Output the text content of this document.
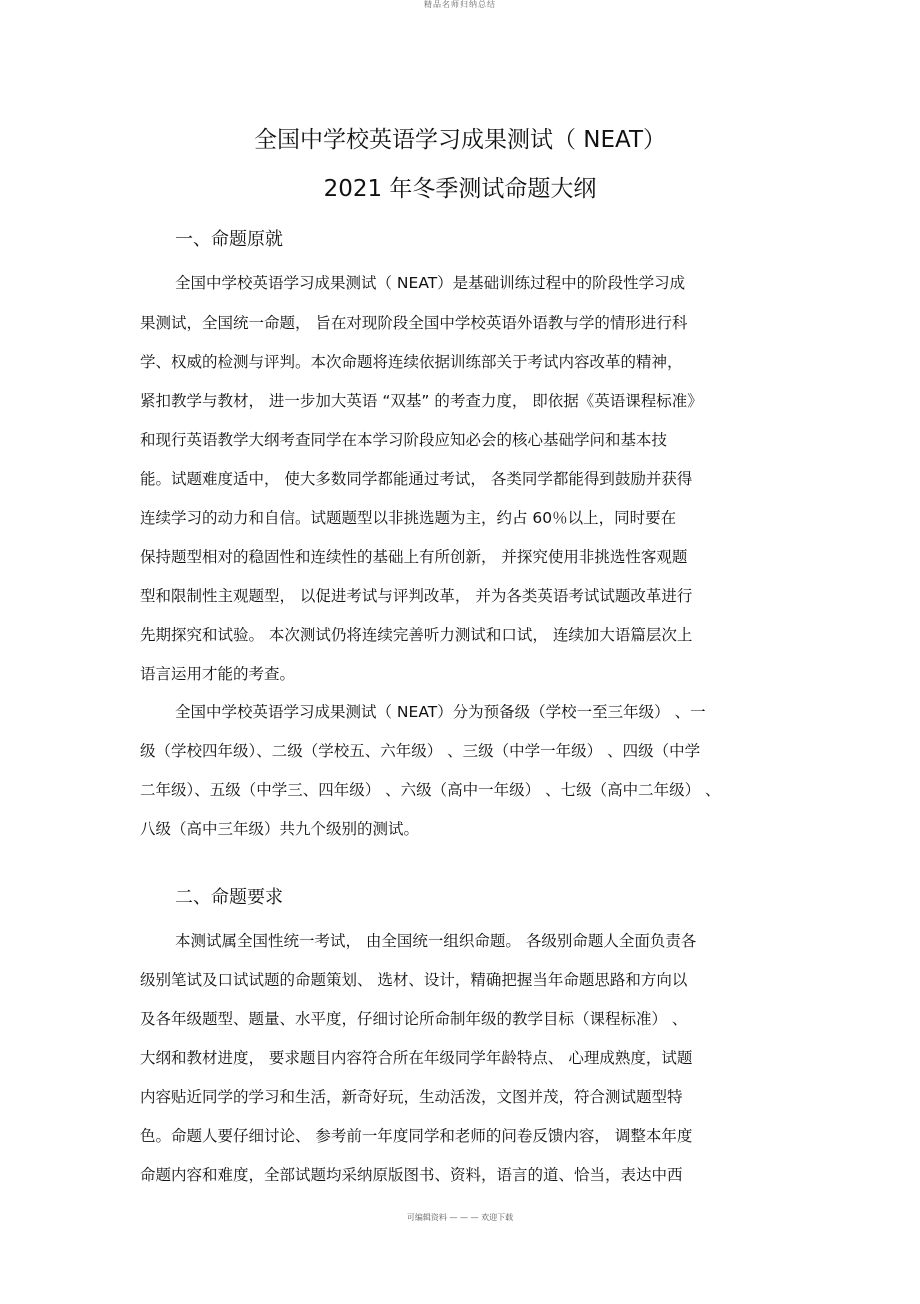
精品名师归纳总结
全国中学校英语学习成果测试（ NEAT）
2021 年冬季测试命题大纲
一、命题原就
全国中学校英语学习成果测试（ NEAT）是基础训练过程中的阶段性学习成
果测试，全国统一命题， 旨在对现阶段全国中学校英语外语教与学的情形进行科
学、权威的检测与评判。本次命题将连续依据训练部关于考试内容改革的精神，
紧扣教学与教材， 进一步加大英语 “双基” 的考查力度， 即依据《英语课程标准》
和现行英语教学大纲考查同学在本学习阶段应知必会的核心基础学问和基本技
能。试题难度适中， 使大多数同学都能通过考试， 各类同学都能得到鼓励并获得
连续学习的动力和自信。试题题型以非挑选题为主，约占 60％以上，同时要在
保持题型相对的稳固性和连续性的基础上有所创新， 并探究使用非挑选性客观题
型和限制性主观题型， 以促进考试与评判改革， 并为各类英语考试试题改革进行
先期探究和试验。 本次测试仍将连续完善听力测试和口试， 连续加大语篇层次上
语言运用才能的考查。
全国中学校英语学习成果测试（ NEAT）分为预备级（学校一至三年级） 、一
级（学校四年级）、二级（学校五、六年级） 、三级（中学一年级） 、四级（中学
二年级）、五级（中学三、四年级） 、六级（高中一年级） 、七级（高中二年级） 、
八级（高中三年级）共九个级别的测试。
二、命题要求
本测试属全国性统一考试， 由全国统一组织命题。 各级别命题人全面负责各
级别笔试及口试试题的命题策划、 选材、设计，精确把握当年命题思路和方向以
及各年级题型、题量、水平度，仔细讨论所命制年级的教学目标（课程标准） 、
大纲和教材进度， 要求题目内容符合所在年级同学年龄特点、 心理成熟度，试题
内容贴近同学的学习和生活，新奇好玩，生动活泼，文图并茂，符合测试题型特
色。命题人要仔细讨论、 参考前一年度同学和老师的问卷反馈内容， 调整本年度
命题内容和难度，全部试题均采纳原版图书、资料，语言的道、恰当，表达中西
可编辑资料 — — — 欢迎下载
